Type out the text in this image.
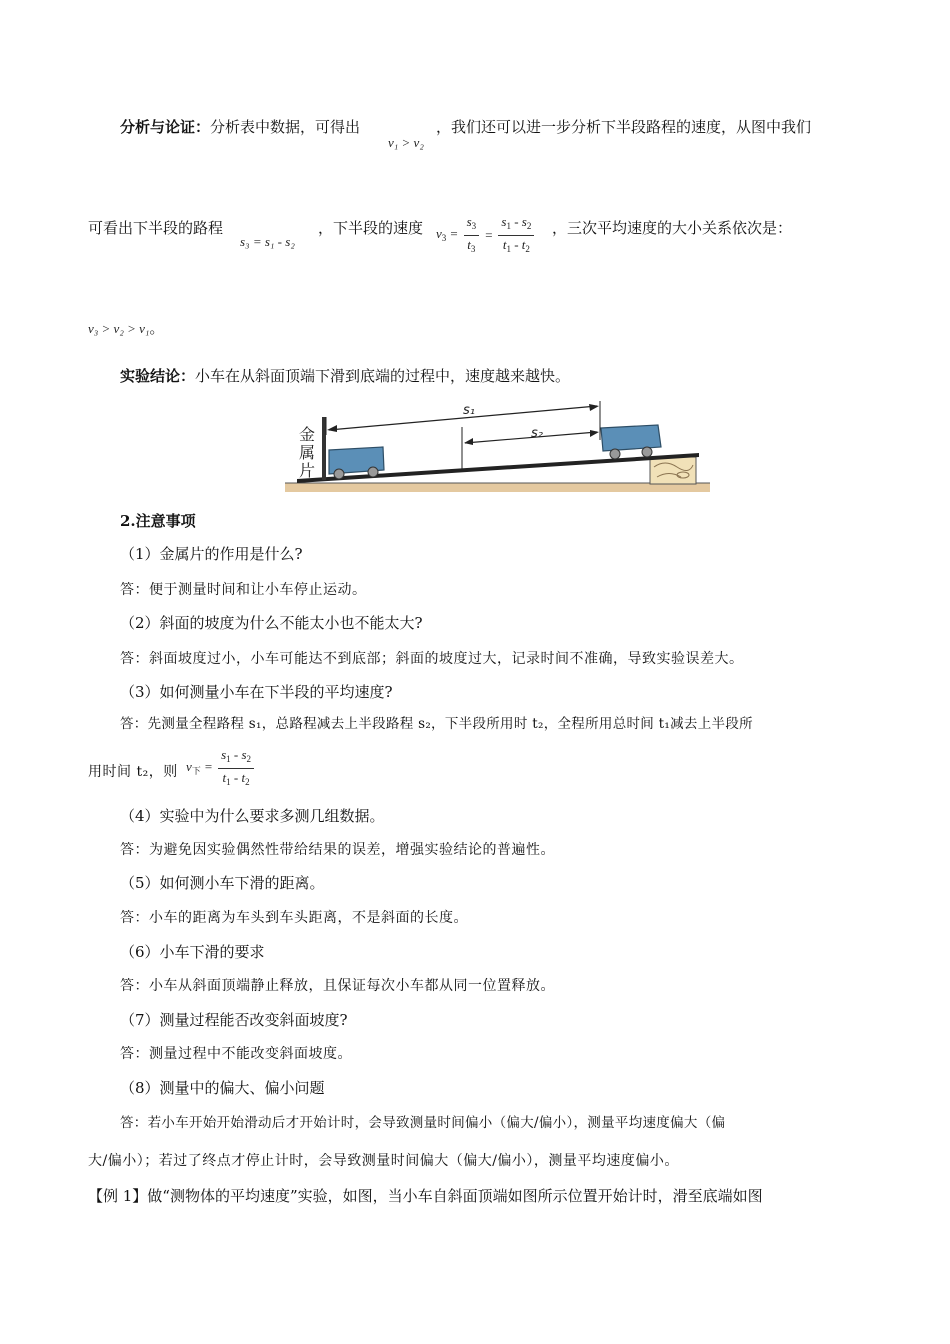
分析与论证：分析表中数据，可得出
v₁ > v₂
，我们还可以进一步分析下半段路程的速度，从图中我们
可看出下半段的路程
s₃ = s₁ - s₂
，下半段的速度 $v_3 = \frac{s_3}{t_3} = \frac{s_1 - s_2}{t_1 - t_2}$ ，三次平均速度的大小关系依次是：
v₃ > v₂ > v₁。
实验结论：小车在从斜面顶端下滑到底端的过程中，速度越来越快。
s₁
s₂
金
属
片
2.注意事项
（1）金属片的作用是什么?
答：便于测量时间和让小车停止运动。
（2）斜面的坡度为什么不能太小也不能太大?
答：斜面坡度过小，小车可能达不到底部；斜面的坡度过大，记录时间不准确，导致实验误差大。
（3）如何测量小车在下半段的平均速度?
答：先测量全程路程 s₁，总路程减去上半段路程 s₂，下半段所用时 t₂，全程所用总时间 t₁减去上半段所
用时间 t₂，则 $v_下 = \frac{s_1 - s_2}{t_1 - t_2}$
（4）实验中为什么要求多测几组数据。
答：为避免因实验偶然性带给结果的误差，增强实验结论的普遍性。
（5）如何测小车下滑的距离。
答：小车的距离为车头到车头距离，不是斜面的长度。
（6）小车下滑的要求
答：小车从斜面顶端静止释放，且保证每次小车都从同一位置释放。
（7）测量过程能否改变斜面坡度?
答：测量过程中不能改变斜面坡度。
（8）测量中的偏大、偏小问题
答：若小车开始开始滑动后才开始计时，会导致测量时间偏小（偏大/偏小），测量平均速度偏大（偏
大/偏小）；若过了终点才停止计时，会导致测量时间偏大（偏大/偏小），测量平均速度偏小。
【例 1】做“测物体的平均速度”实验，如图，当小车自斜面顶端如图所示位置开始计时，滑至底端如图
